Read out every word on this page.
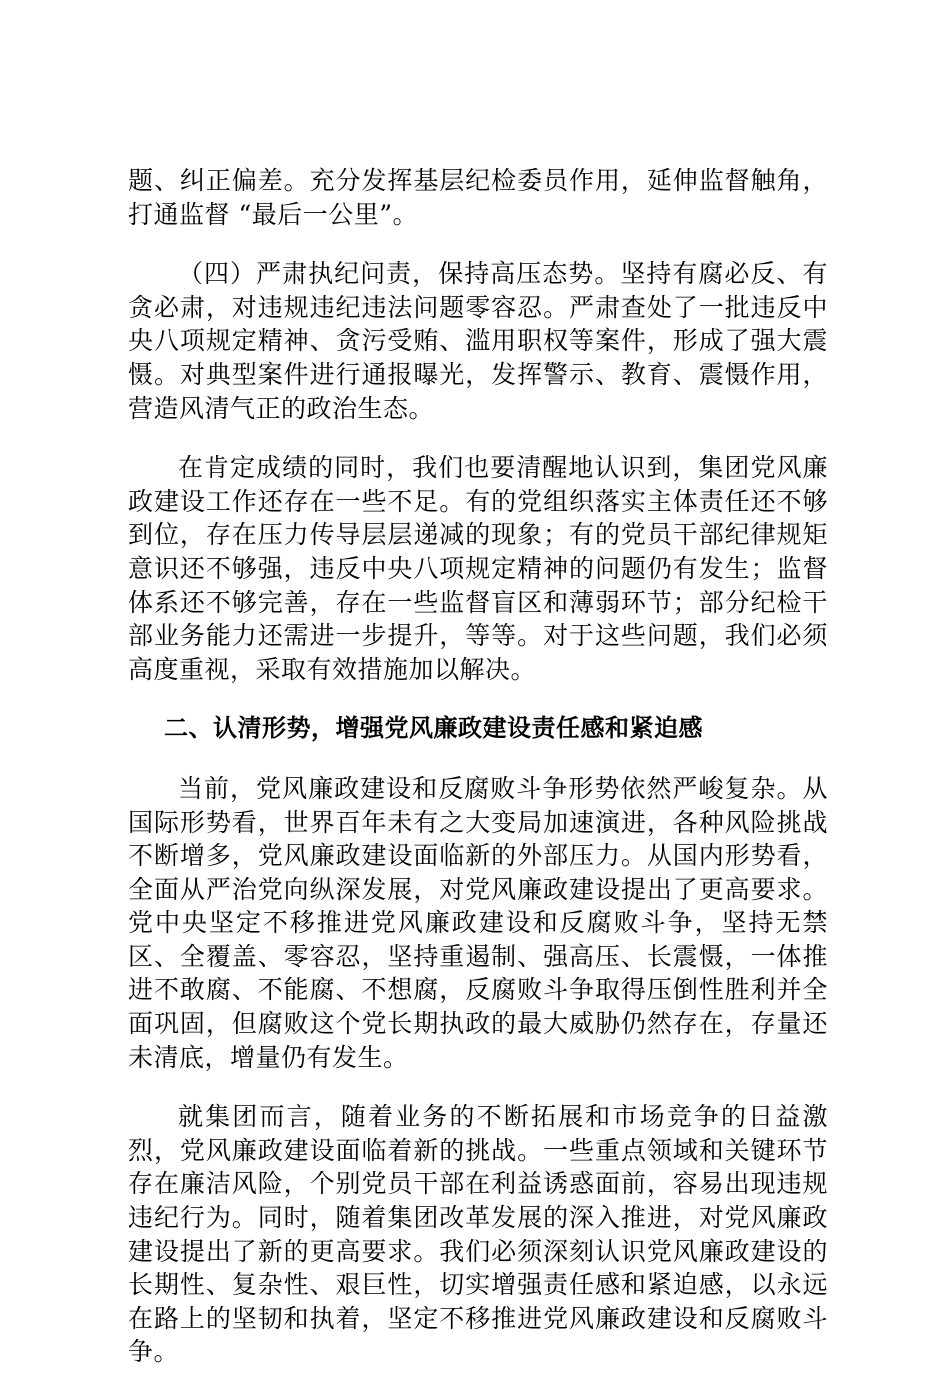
题、纠正偏差。充分发挥基层纪检委员作用，延伸监督触角，打通监督 “最后一公里”。

（四）严肃执纪问责，保持高压态势。坚持有腐必反、有贪必肃，对违规违纪违法问题零容忍。严肃查处了一批违反中央八项规定精神、贪污受贿、滥用职权等案件，形成了强大震慑。对典型案件进行通报曝光，发挥警示、教育、震慑作用，营造风清气正的政治生态。

在肯定成绩的同时，我们也要清醒地认识到，集团党风廉政建设工作还存在一些不足。有的党组织落实主体责任还不够到位，存在压力传导层层递减的现象；有的党员干部纪律规矩意识还不够强，违反中央八项规定精神的问题仍有发生；监督体系还不够完善，存在一些监督盲区和薄弱环节；部分纪检干部业务能力还需进一步提升，等等。对于这些问题，我们必须高度重视，采取有效措施加以解决。

二、认清形势，增强党风廉政建设责任感和紧迫感

当前，党风廉政建设和反腐败斗争形势依然严峻复杂。从国际形势看，世界百年未有之大变局加速演进，各种风险挑战不断增多，党风廉政建设面临新的外部压力。从国内形势看，全面从严治党向纵深发展，对党风廉政建设提出了更高要求。党中央坚定不移推进党风廉政建设和反腐败斗争，坚持无禁区、全覆盖、零容忍，坚持重遏制、强高压、长震慑，一体推进不敢腐、不能腐、不想腐，反腐败斗争取得压倒性胜利并全面巩固，但腐败这个党长期执政的最大威胁仍然存在，存量还未清底，增量仍有发生。

就集团而言，随着业务的不断拓展和市场竞争的日益激烈，党风廉政建设面临着新的挑战。一些重点领域和关键环节存在廉洁风险，个别党员干部在利益诱惑面前，容易出现违规违纪行为。同时，随着集团改革发展的深入推进，对党风廉政建设提出了新的更高要求。我们必须深刻认识党风廉政建设的长期性、复杂性、艰巨性，切实增强责任感和紧迫感，以永远在路上的坚韧和执着，坚定不移推进党风廉政建设和反腐败斗争。
